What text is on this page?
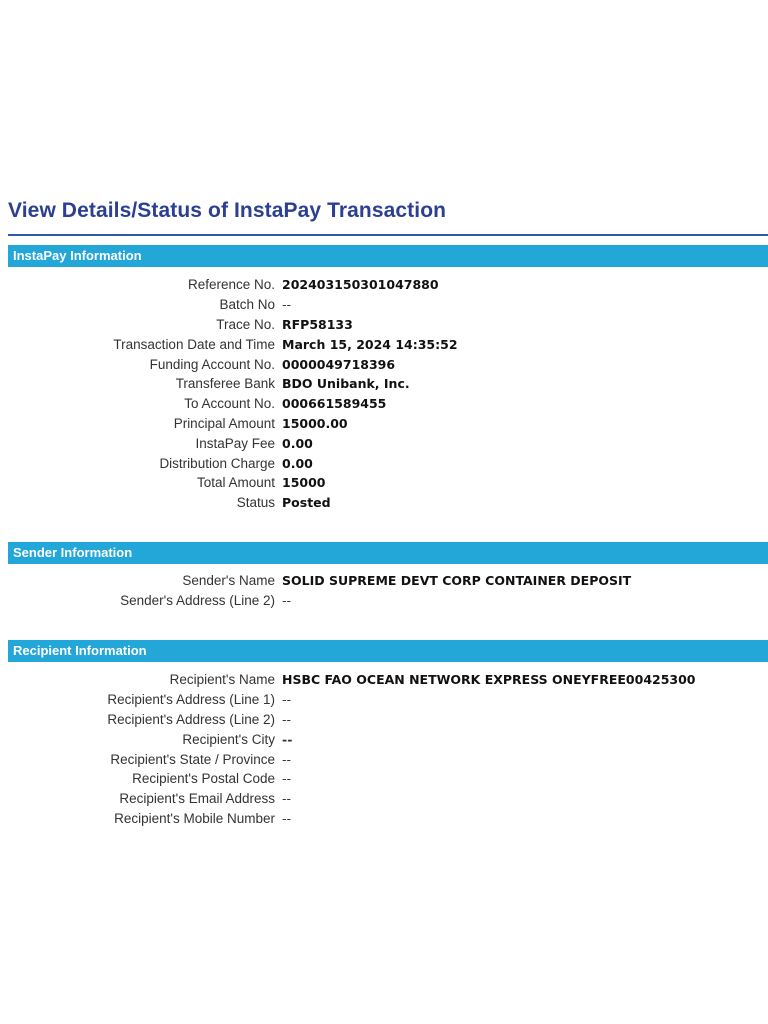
View Details/Status of InstaPay Transaction
InstaPay Information
Reference No. 202403150301047880
Batch No --
Trace No. RFP58133
Transaction Date and Time March 15, 2024 14:35:52
Funding Account No. 0000049718396
Transferee Bank BDO Unibank, Inc.
To Account No. 000661589455
Principal Amount 15000.00
InstaPay Fee 0.00
Distribution Charge 0.00
Total Amount 15000
Status Posted
Sender Information
Sender's Name SOLID SUPREME DEVT CORP CONTAINER DEPOSIT
Sender's Address (Line 2) --
Recipient Information
Recipient's Name HSBC FAO OCEAN NETWORK EXPRESS ONEYFREE00425300
Recipient's Address (Line 1) --
Recipient's Address (Line 2) --
Recipient's City --
Recipient's State / Province --
Recipient's Postal Code --
Recipient's Email Address --
Recipient's Mobile Number --
